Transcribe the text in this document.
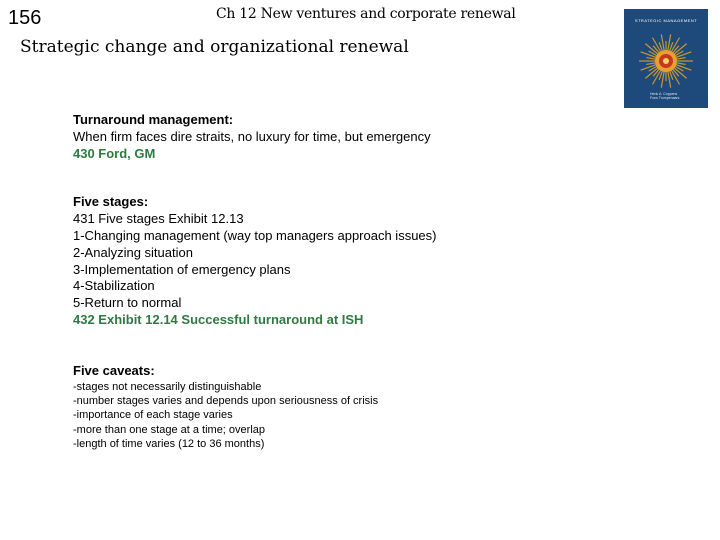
156	Ch 12 New ventures and corporate renewal
Strategic change and organizational renewal
STRATEGIC MANAGEMENT
Henk A. Coppens
Fons Trompenaars
Turnaround management:
When firm faces dire straits, no luxury for time, but emergency
430 Ford, GM
Five stages:
431 Five stages Exhibit 12.13
1-Changing management (way top managers approach issues)
2-Analyzing situation
3-Implementation of emergency plans
4-Stabilization
5-Return to normal
432 Exhibit 12.14 Successful turnaround at ISH
Five caveats:
-stages not necessarily distinguishable
-number stages varies and depends upon seriousness of crisis
-importance of each stage varies
-more than one stage at a time; overlap
-length of time varies (12 to 36 months)
